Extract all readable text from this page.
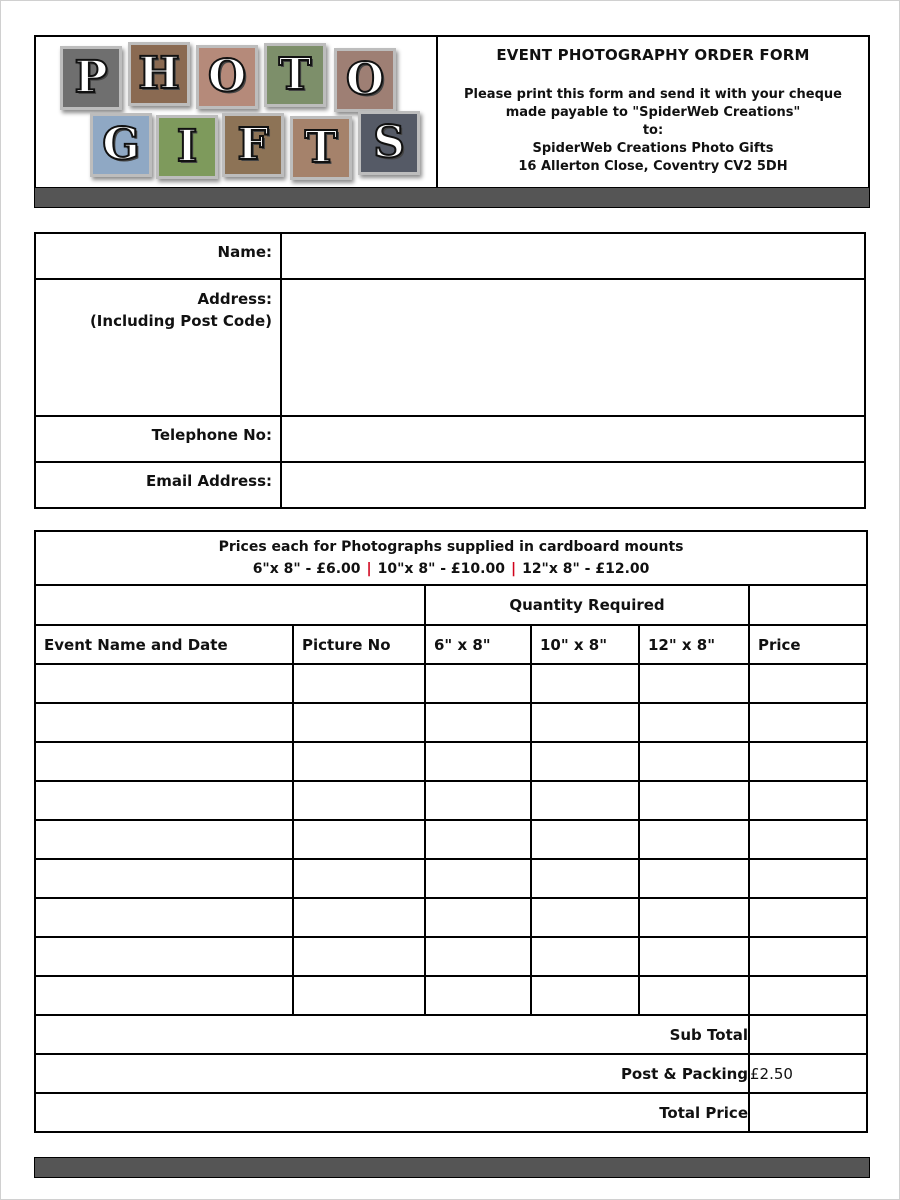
P H O T O
G I F T S
EVENT PHOTOGRAPHY ORDER FORM
Please print this form and send it with your cheque
made payable to "SpiderWeb Creations"
to:
SpiderWeb Creations Photo Gifts
16 Allerton Close, Coventry CV2 5DH
Name:	

Address:
(Including Post Code)	

Telephone No:	
Email Address:	
Prices each for Photographs supplied in cardboard mounts
6"x 8" - £6.00 | 10"x 8" - £10.00 | 12"x 8" - £12.00					

		Quantity Required			
Event Name and Date	Picture No	6" x 8"	10" x 8"	12" x 8"	Price

Sub Total					
Post & Packing					£2.50
Total Price					
